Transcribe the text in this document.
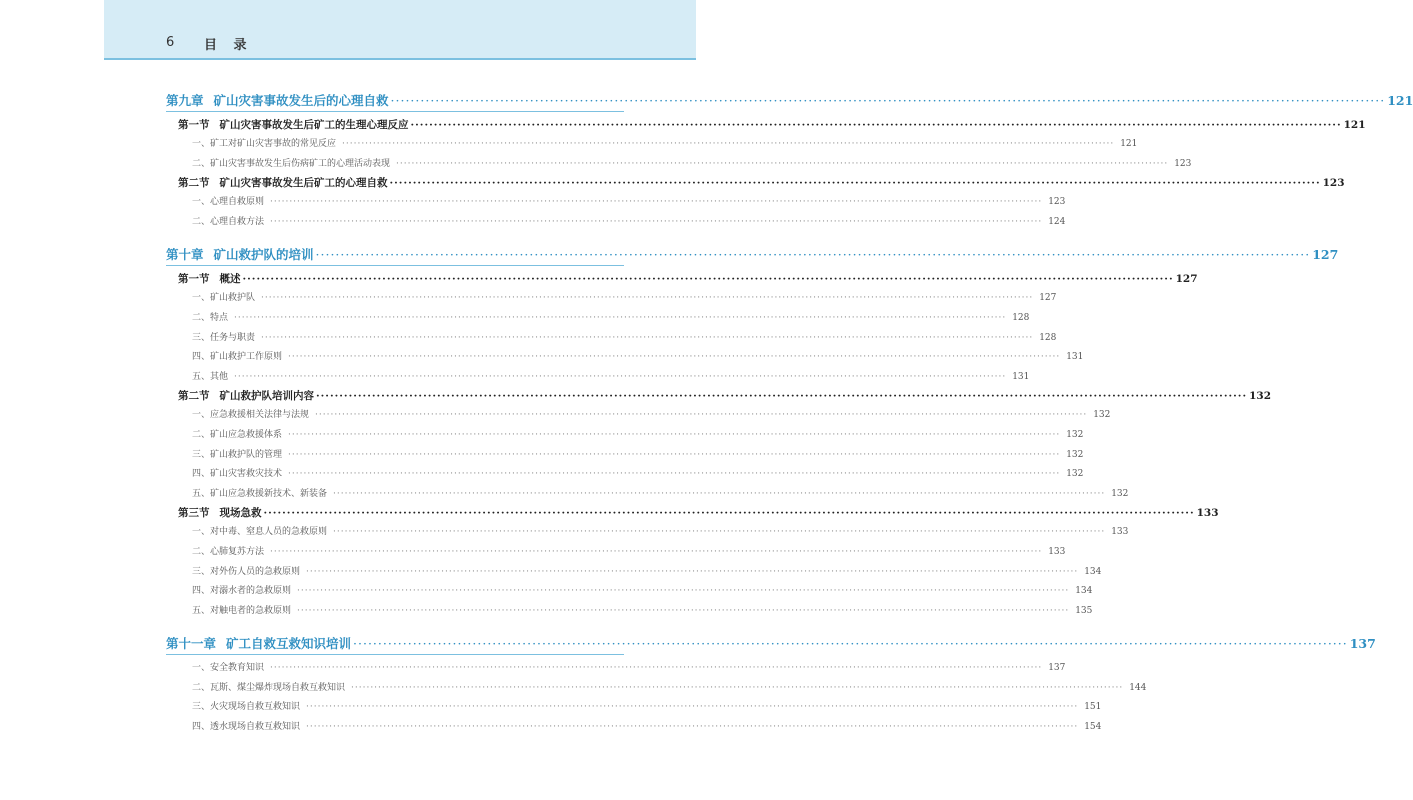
6 目 录
第九章 矿山灾害事故发生后的心理自救 ········································································································································································································ 121
第一节 矿山灾害事故发生后矿工的生理心理反应 ········································································································································································································ 121
一、矿工对矿山灾害事故的常见反应 ········································································································································································································ 121
二、矿山灾害事故发生后伤病矿工的心理活动表现 ········································································································································································································ 123
第二节 矿山灾害事故发生后矿工的心理自救 ········································································································································································································ 123
一、心理自救原则 ········································································································································································································ 123
二、心理自救方法 ········································································································································································································ 124
第十章 矿山救护队的培训 ········································································································································································································ 127
第一节 概述 ········································································································································································································ 127
一、矿山救护队 ········································································································································································································ 127
二、特点 ········································································································································································································ 128
三、任务与职责 ········································································································································································································ 128
四、矿山救护工作原则 ········································································································································································································ 131
五、其他 ········································································································································································································ 131
第二节 矿山救护队培训内容 ········································································································································································································ 132
一、应急救援相关法律与法规 ········································································································································································································ 132
二、矿山应急救援体系 ········································································································································································································ 132
三、矿山救护队的管理 ········································································································································································································ 132
四、矿山灾害救灾技术 ········································································································································································································ 132
五、矿山应急救援新技术、新装备 ········································································································································································································ 132
第三节 现场急救 ········································································································································································································ 133
一、对中毒、窒息人员的急救原则 ········································································································································································································ 133
二、心肺复苏方法 ········································································································································································································ 133
三、对外伤人员的急救原则 ········································································································································································································ 134
四、对溺水者的急救原则 ········································································································································································································ 134
五、对触电者的急救原则 ········································································································································································································ 135
第十一章 矿工自救互救知识培训 ········································································································································································································ 137
一、安全教育知识 ········································································································································································································ 137
二、瓦斯、煤尘爆炸现场自救互救知识 ········································································································································································································ 144
三、火灾现场自救互救知识 ········································································································································································································ 151
四、透水现场自救互救知识 ········································································································································································································ 154
